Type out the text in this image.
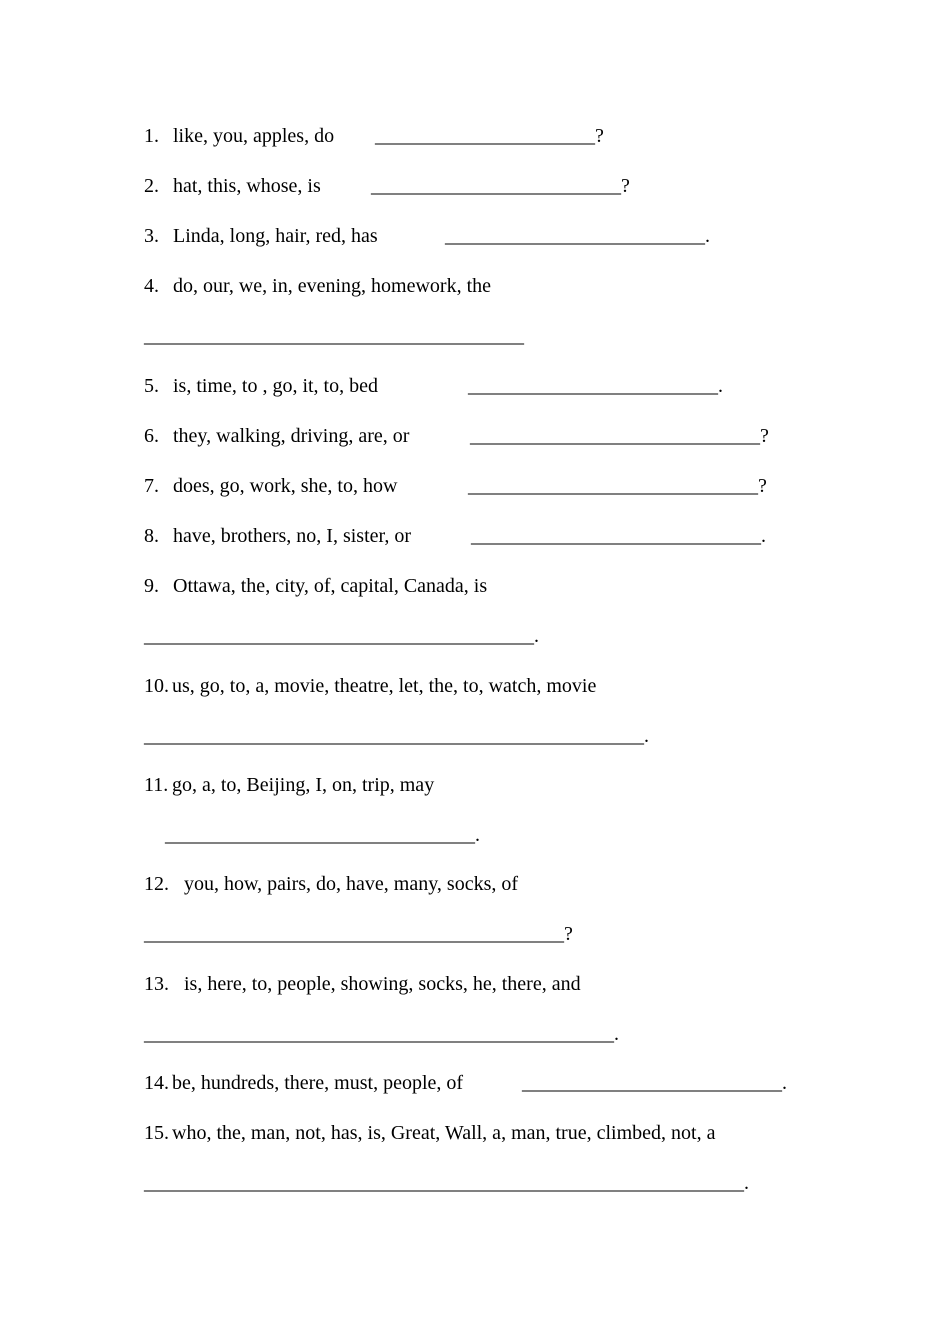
1. like, you, apples, do ______________________?
2. hat, this, whose, is	_________________________?
3. Linda, long, hair, red, has	__________________________.
4. do, our, we, in, evening, homework, the
______________________________________
5. is, time, to , go, it, to, bed	_________________________.
6. they, walking, driving, are, or	_____________________________?
7. does, go, work, she, to, how	_____________________________?
8. have, brothers, no, I, sister, or	_____________________________.
9. Ottawa, the, city, of, capital, Canada, is
_______________________________________.
10. us, go, to, a, movie, theatre, let, the, to, watch, movie
__________________________________________________.
11. go, a, to, Beijing, I, on, trip, may
_______________________________.
12. you, how, pairs, do, have, many, socks, of
__________________________________________?
13. is, here, to, people, showing, socks, he, there, and
_______________________________________________.
14. be, hundreds, there, must, people, of	__________________________.
15. who, the, man, not, has, is, Great, Wall, a, man, true, climbed, not, a
____________________________________________________________.
